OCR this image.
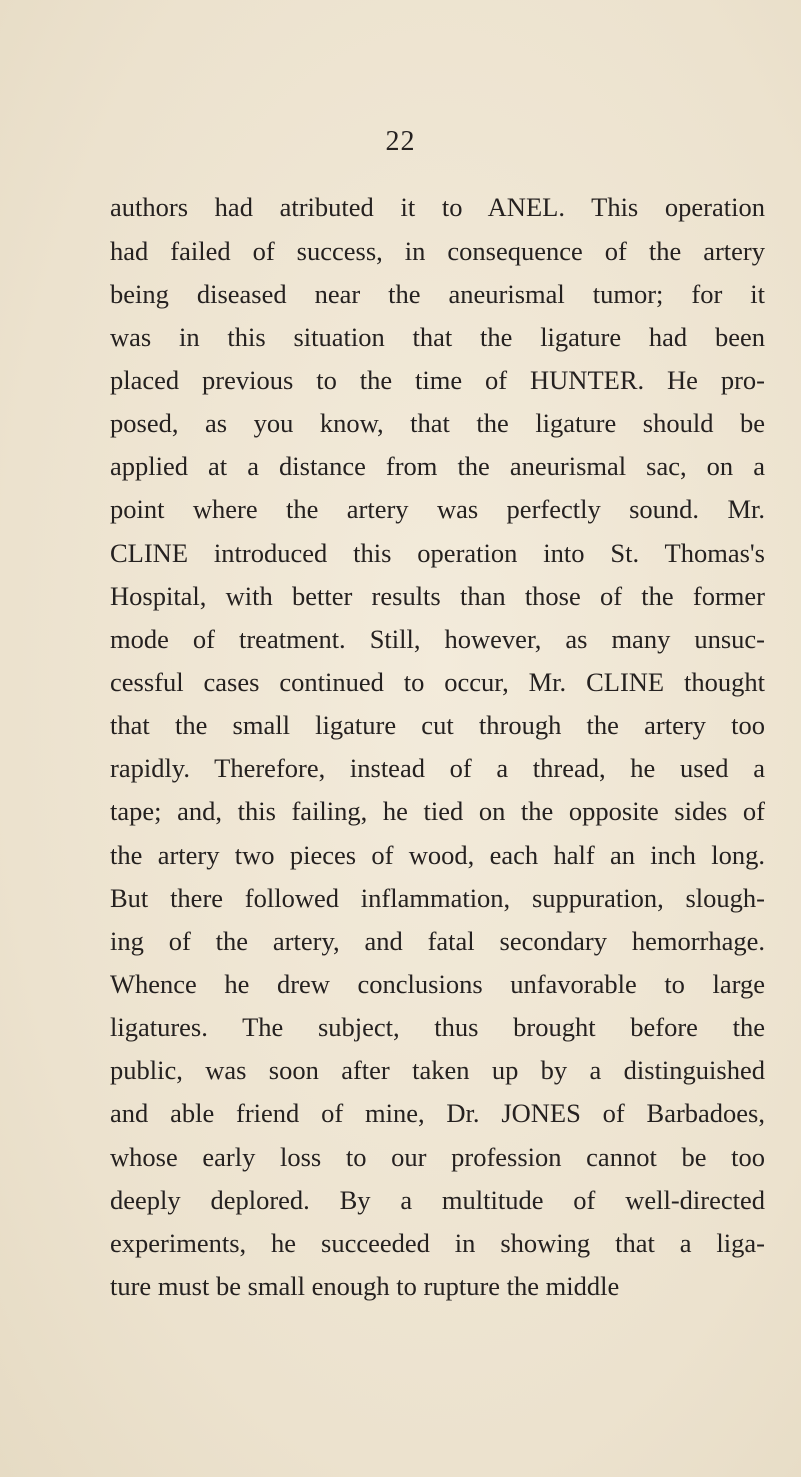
22
authors had atributed it to ANEL. This operation
had failed of success, in consequence of the artery
being diseased near the aneurismal tumor; for it
was in this situation that the ligature had been
placed previous to the time of HUNTER. He pro-
posed, as you know, that the ligature should be
applied at a distance from the aneurismal sac, on a
point where the artery was perfectly sound. Mr.
CLINE introduced this operation into St. Thomas's
Hospital, with better results than those of the former
mode of treatment. Still, however, as many unsuc-
cessful cases continued to occur, Mr. CLINE thought
that the small ligature cut through the artery too
rapidly. Therefore, instead of a thread, he used a
tape; and, this failing, he tied on the opposite sides of
the artery two pieces of wood, each half an inch long.
But there followed inflammation, suppuration, slough-
ing of the artery, and fatal secondary hemorrhage.
Whence he drew conclusions unfavorable to large
ligatures. The subject, thus brought before the
public, was soon after taken up by a distinguished
and able friend of mine, Dr. JONES of Barbadoes,
whose early loss to our profession cannot be too
deeply deplored. By a multitude of well-directed
experiments, he succeeded in showing that a liga-
ture must be small enough to rupture the middle
